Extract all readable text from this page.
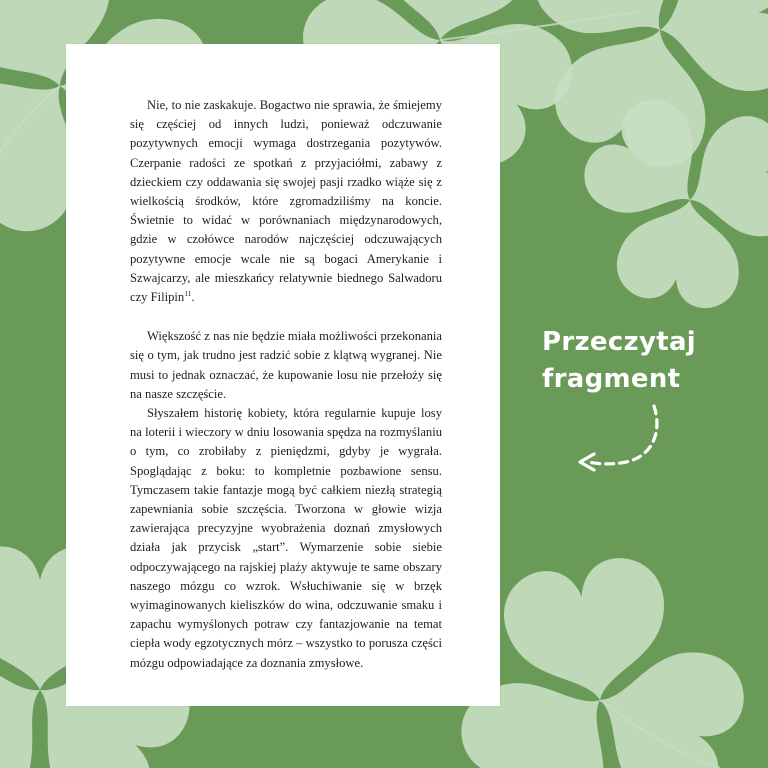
Nie, to nie zaskakuje. Bogactwo nie sprawia, że śmiejemy się częściej od innych ludzi, ponieważ odczuwanie pozytywnych emocji wymaga dostrzegania pozytywów. Czerpanie radości ze spotkań z przyjaciółmi, zabawy z dzieckiem czy oddawania się swojej pasji rzadko wiąże się z wielkością środków, które zgromadziliśmy na koncie. Świetnie to widać w porównaniach międzynarodowych, gdzie w czołówce narodów najczęściej odczuwających pozytywne emocje wcale nie są bogaci Amerykanie i Szwajcarzy, ale mieszkańcy relatywnie biednego Salwadoru czy Filipin$^{11}$.

Większość z nas nie będzie miała możliwości przekonania się o tym, jak trudno jest radzić sobie z klątwą wygranej. Nie musi to jednak oznaczać, że kupowanie losu nie przełoży się na nasze szczęście.

Słyszałem historię kobiety, która regularnie kupuje losy na loterii i wieczory w dniu losowania spędza na rozmyślaniu o tym, co zrobiłaby z pieniędzmi, gdyby je wygrała. Spoglądając z boku: to kompletnie pozbawione sensu. Tymczasem takie fantazje mogą być całkiem niezłą strategią zapewniania sobie szczęścia. Tworzona w głowie wizja zawierająca precyzyjne wyobrażenia doznań zmysłowych działa jak przycisk „start”. Wymarzenie sobie siebie odpoczywającego na rajskiej plaży aktywuje te same obszary naszego mózgu co wzrok. Wsłuchiwanie się w brzęk wyimaginowanych kieliszków do wina, odczuwanie smaku i zapachu wymyślonych potraw czy fantazjowanie na temat ciepła wody egzotycznych mórz – wszystko to porusza części mózgu odpowiadające za doznania zmysłowe.

Przeczytaj
fragment
